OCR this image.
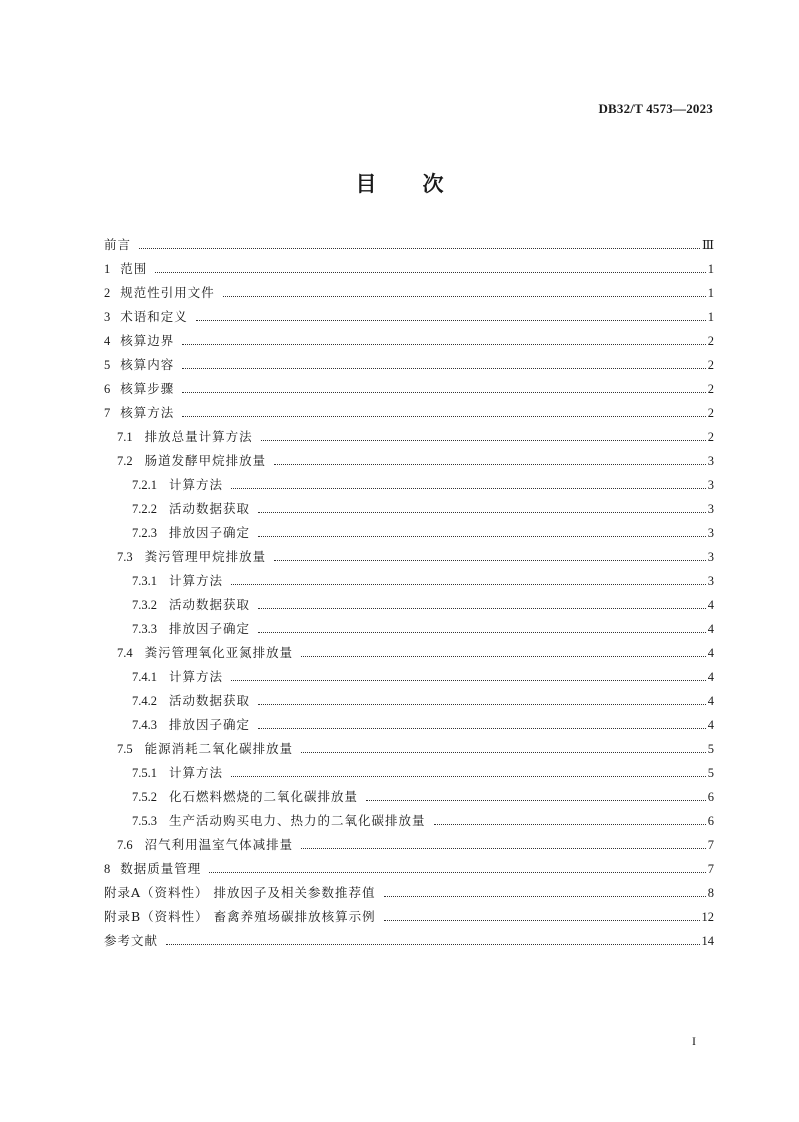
DB32/T 4573—2023
目 次
前言	Ⅲ
1 范围	1
2 规范性引用文件	1
3 术语和定义	1
4 核算边界	2
5 核算内容	2
6 核算步骤	2
7 核算方法	2
7.1 排放总量计算方法	2
7.2 肠道发酵甲烷排放量	3
7.2.1 计算方法	3
7.2.2 活动数据获取	3
7.2.3 排放因子确定	3
7.3 粪污管理甲烷排放量	3
7.3.1 计算方法	3
7.3.2 活动数据获取	4
7.3.3 排放因子确定	4
7.4 粪污管理氧化亚氮排放量	4
7.4.1 计算方法	4
7.4.2 活动数据获取	4
7.4.3 排放因子确定	4
7.5 能源消耗二氧化碳排放量	5
7.5.1 计算方法	5
7.5.2 化石燃料燃烧的二氧化碳排放量	6
7.5.3 生产活动购买电力、热力的二氧化碳排放量	6
7.6 沼气利用温室气体减排量	7
8 数据质量管理	7
附录A（资料性） 排放因子及相关参数推荐值	8
附录B（资料性） 畜禽养殖场碳排放核算示例	12
参考文献	14
I
